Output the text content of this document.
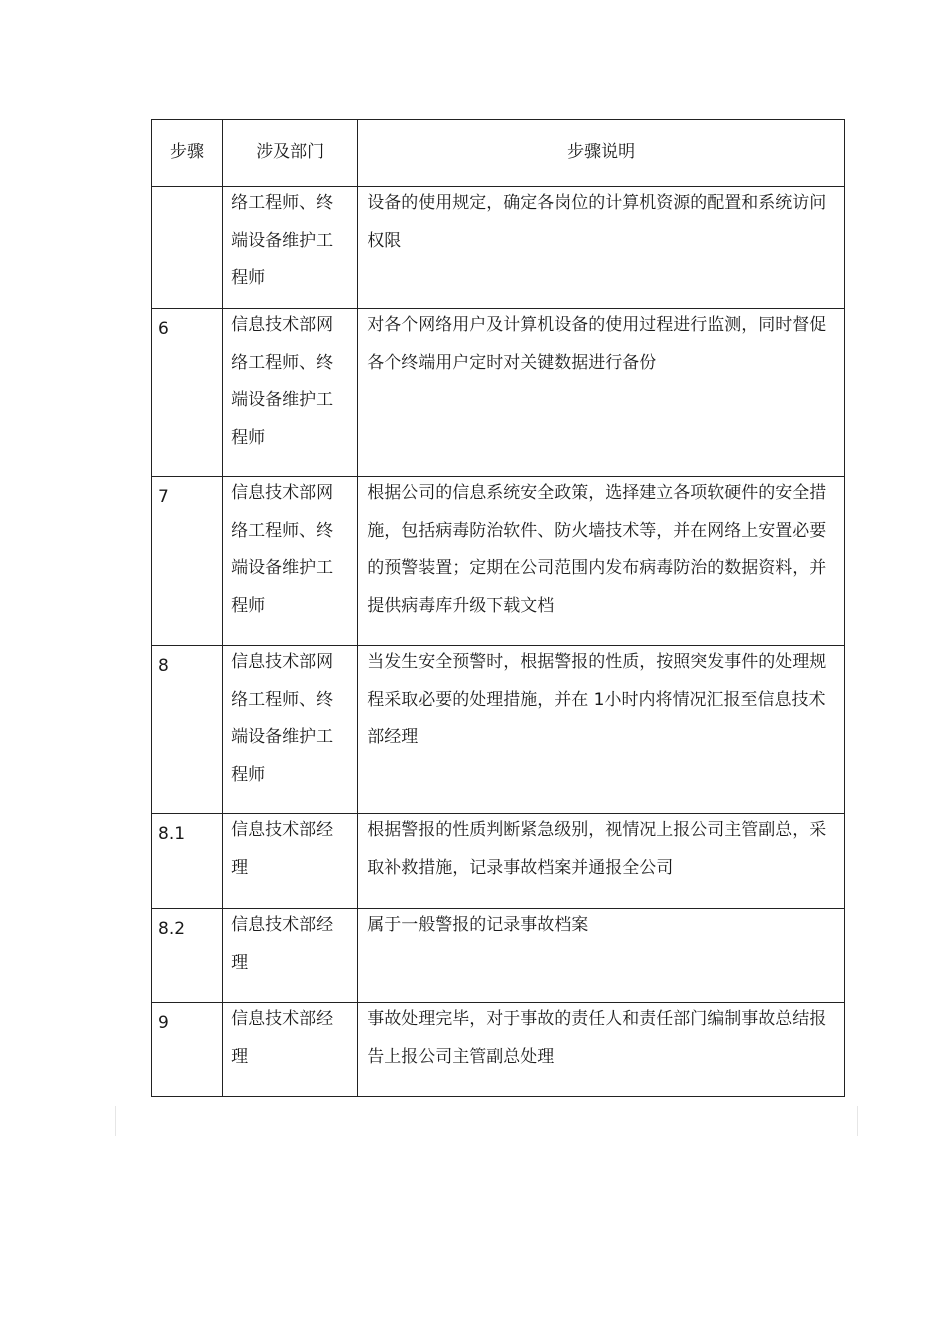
步骤	涉及部门	步骤说明

	络工程师、终端设备维护工程师	设备的使用规定，确定各岗位的计算机资源的配置和系统访问权限

6	信息技术部网络工程师、终端设备维护工程师	对各个网络用户及计算机设备的使用过程进行监测，同时督促各个终端用户定时对关键数据进行备份

7	信息技术部网络工程师、终端设备维护工程师	根据公司的信息系统安全政策，选择建立各项软硬件的安全措施，包括病毒防治软件、防火墙技术等，并在网络上安置必要的预警装置；定期在公司范围内发布病毒防治的数据资料，并提供病毒库升级下载文档

8	信息技术部网络工程师、终端设备维护工程师	当发生安全预警时，根据警报的性质，按照突发事件的处理规程采取必要的处理措施，并在 1小时内将情况汇报至信息技术部经理

8.1	信息技术部经理	根据警报的性质判断紧急级别，视情况上报公司主管副总，采取补救措施，记录事故档案并通报全公司

8.2	信息技术部经理	属于一般警报的记录事故档案

9	信息技术部经理	事故处理完毕，对于事故的责任人和责任部门编制事故总结报告上报公司主管副总处理
